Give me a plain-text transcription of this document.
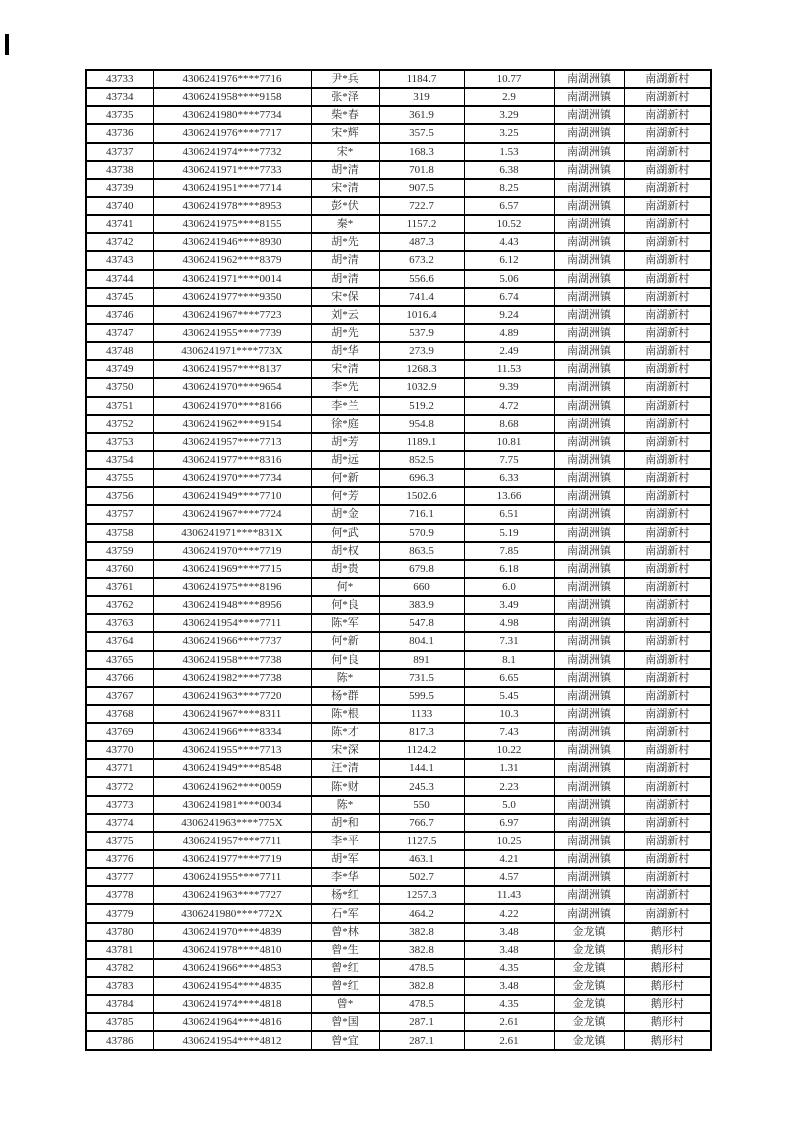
43733	4306241976****7716	尹*兵	1184.7	10.77	南湖洲镇	南湖新村
43734	4306241958****9158	张*泽	319	2.9	南湖洲镇	南湖新村
43735	4306241980****7734	柴*春	361.9	3.29	南湖洲镇	南湖新村
43736	4306241976****7717	宋*辉	357.5	3.25	南湖洲镇	南湖新村
43737	4306241974****7732	宋*	168.3	1.53	南湖洲镇	南湖新村
43738	4306241971****7733	胡*清	701.8	6.38	南湖洲镇	南湖新村
43739	4306241951****7714	宋*清	907.5	8.25	南湖洲镇	南湖新村
43740	4306241978****8953	彭*伏	722.7	6.57	南湖洲镇	南湖新村
43741	4306241975****8155	秦*	1157.2	10.52	南湖洲镇	南湖新村
43742	4306241946****8930	胡*先	487.3	4.43	南湖洲镇	南湖新村
43743	4306241962****8379	胡*清	673.2	6.12	南湖洲镇	南湖新村
43744	4306241971****0014	胡*清	556.6	5.06	南湖洲镇	南湖新村
43745	4306241977****9350	宋*保	741.4	6.74	南湖洲镇	南湖新村
43746	4306241967****7723	刘*云	1016.4	9.24	南湖洲镇	南湖新村
43747	4306241955****7739	胡*先	537.9	4.89	南湖洲镇	南湖新村
43748	4306241971****773X	胡*华	273.9	2.49	南湖洲镇	南湖新村
43749	4306241957****8137	宋*清	1268.3	11.53	南湖洲镇	南湖新村
43750	4306241970****9654	李*先	1032.9	9.39	南湖洲镇	南湖新村
43751	4306241970****8166	李*兰	519.2	4.72	南湖洲镇	南湖新村
43752	4306241962****9154	徐*庭	954.8	8.68	南湖洲镇	南湖新村
43753	4306241957****7713	胡*芳	1189.1	10.81	南湖洲镇	南湖新村
43754	4306241977****8316	胡*远	852.5	7.75	南湖洲镇	南湖新村
43755	4306241970****7734	何*新	696.3	6.33	南湖洲镇	南湖新村
43756	4306241949****7710	何*芳	1502.6	13.66	南湖洲镇	南湖新村
43757	4306241967****7724	胡*金	716.1	6.51	南湖洲镇	南湖新村
43758	4306241971****831X	何*武	570.9	5.19	南湖洲镇	南湖新村
43759	4306241970****7719	胡*权	863.5	7.85	南湖洲镇	南湖新村
43760	4306241969****7715	胡*贵	679.8	6.18	南湖洲镇	南湖新村
43761	4306241975****8196	何*	660	6.0	南湖洲镇	南湖新村
43762	4306241948****8956	何*良	383.9	3.49	南湖洲镇	南湖新村
43763	4306241954****7711	陈*军	547.8	4.98	南湖洲镇	南湖新村
43764	4306241966****7737	何*新	804.1	7.31	南湖洲镇	南湖新村
43765	4306241958****7738	何*良	891	8.1	南湖洲镇	南湖新村
43766	4306241982****7738	陈*	731.5	6.65	南湖洲镇	南湖新村
43767	4306241963****7720	杨*群	599.5	5.45	南湖洲镇	南湖新村
43768	4306241967****8311	陈*根	1133	10.3	南湖洲镇	南湖新村
43769	4306241966****8334	陈*才	817.3	7.43	南湖洲镇	南湖新村
43770	4306241955****7713	宋*深	1124.2	10.22	南湖洲镇	南湖新村
43771	4306241949****8548	汪*清	144.1	1.31	南湖洲镇	南湖新村
43772	4306241962****0059	陈*财	245.3	2.23	南湖洲镇	南湖新村
43773	4306241981****0034	陈*	550	5.0	南湖洲镇	南湖新村
43774	4306241963****775X	胡*和	766.7	6.97	南湖洲镇	南湖新村
43775	4306241957****7711	李*平	1127.5	10.25	南湖洲镇	南湖新村
43776	4306241977****7719	胡*军	463.1	4.21	南湖洲镇	南湖新村
43777	4306241955****7711	李*华	502.7	4.57	南湖洲镇	南湖新村
43778	4306241963****7727	杨*红	1257.3	11.43	南湖洲镇	南湖新村
43779	4306241980****772X	石*军	464.2	4.22	南湖洲镇	南湖新村
43780	4306241970****4839	曾*林	382.8	3.48	金龙镇	鹅形村
43781	4306241978****4810	曾*生	382.8	3.48	金龙镇	鹅形村
43782	4306241966****4853	曾*红	478.5	4.35	金龙镇	鹅形村
43783	4306241954****4835	曾*红	382.8	3.48	金龙镇	鹅形村
43784	4306241974****4818	曾*	478.5	4.35	金龙镇	鹅形村
43785	4306241964****4816	曾*国	287.1	2.61	金龙镇	鹅形村
43786	4306241954****4812	曾*宜	287.1	2.61	金龙镇	鹅形村
